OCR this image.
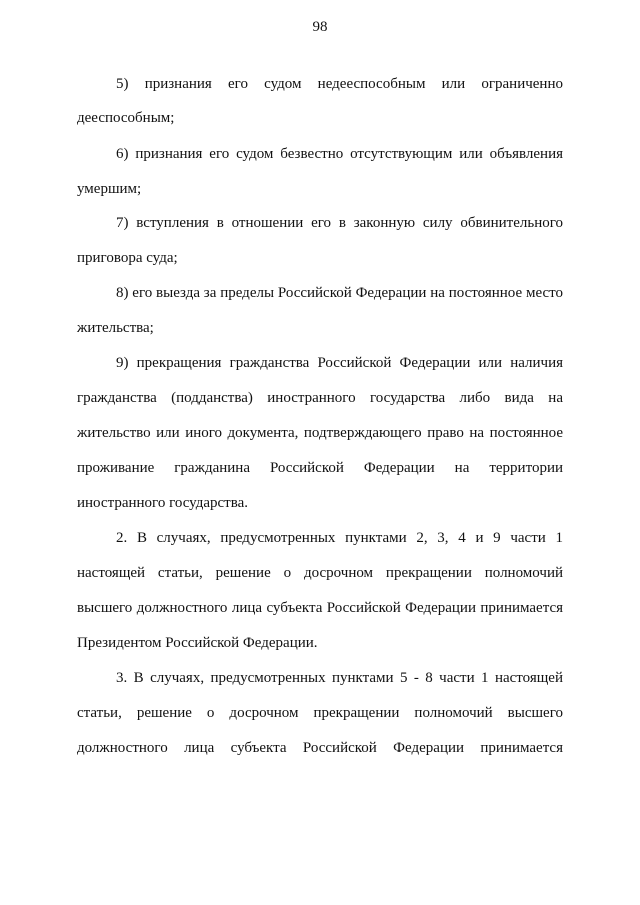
98
5) признания его судом недееспособным или ограниченно
дееспособным;
6) признания его судом безвестно отсутствующим или объявления
умершим;
7) вступления в отношении его в законную силу обвинительного
приговора суда;
8) его выезда за пределы Российской Федерации на постоянное место
жительства;
9) прекращения гражданства Российской Федерации или наличия
гражданства (подданства) иностранного государства либо вида на
жительство или иного документа, подтверждающего право на постоянное
проживание гражданина Российской Федерации на территории
иностранного государства.
2. В случаях, предусмотренных пунктами 2, 3, 4 и 9 части 1
настоящей статьи, решение о досрочном прекращении полномочий
высшего должностного лица субъекта Российской Федерации принимается
Президентом Российской Федерации.
3. В случаях, предусмотренных пунктами 5 - 8 части 1 настоящей
статьи, решение о досрочном прекращении полномочий высшего
должностного лица субъекта Российской Федерации принимается
